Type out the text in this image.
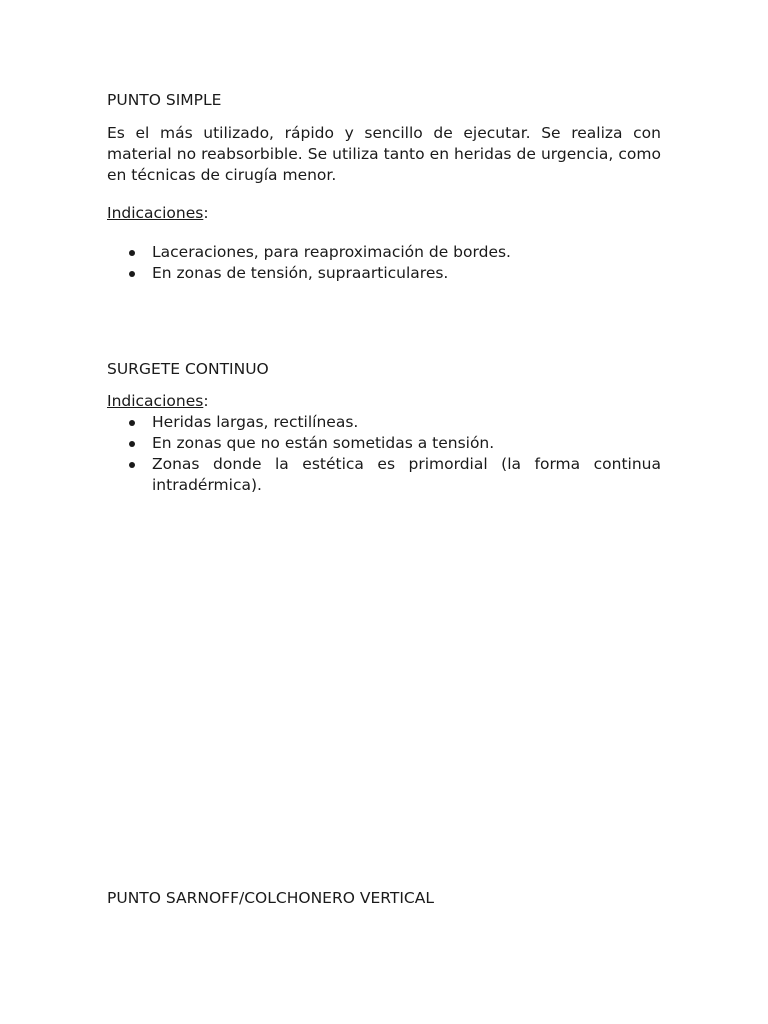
PUNTO SIMPLE

Es el más utilizado, rápido y sencillo de ejecutar. Se realiza con material no reabsorbible. Se utiliza tanto en heridas de urgencia, como en técnicas de cirugía menor.

Indicaciones:

Laceraciones, para reaproximación de bordes.
En zonas de tensión, supraarticulares.

SURGETE CONTINUO

Indicaciones:

Heridas largas, rectilíneas.
En zonas que no están sometidas a tensión.
Zonas donde la estética es primordial (la forma continua intradérmica).

PUNTO SARNOFF/COLCHONERO VERTICAL
